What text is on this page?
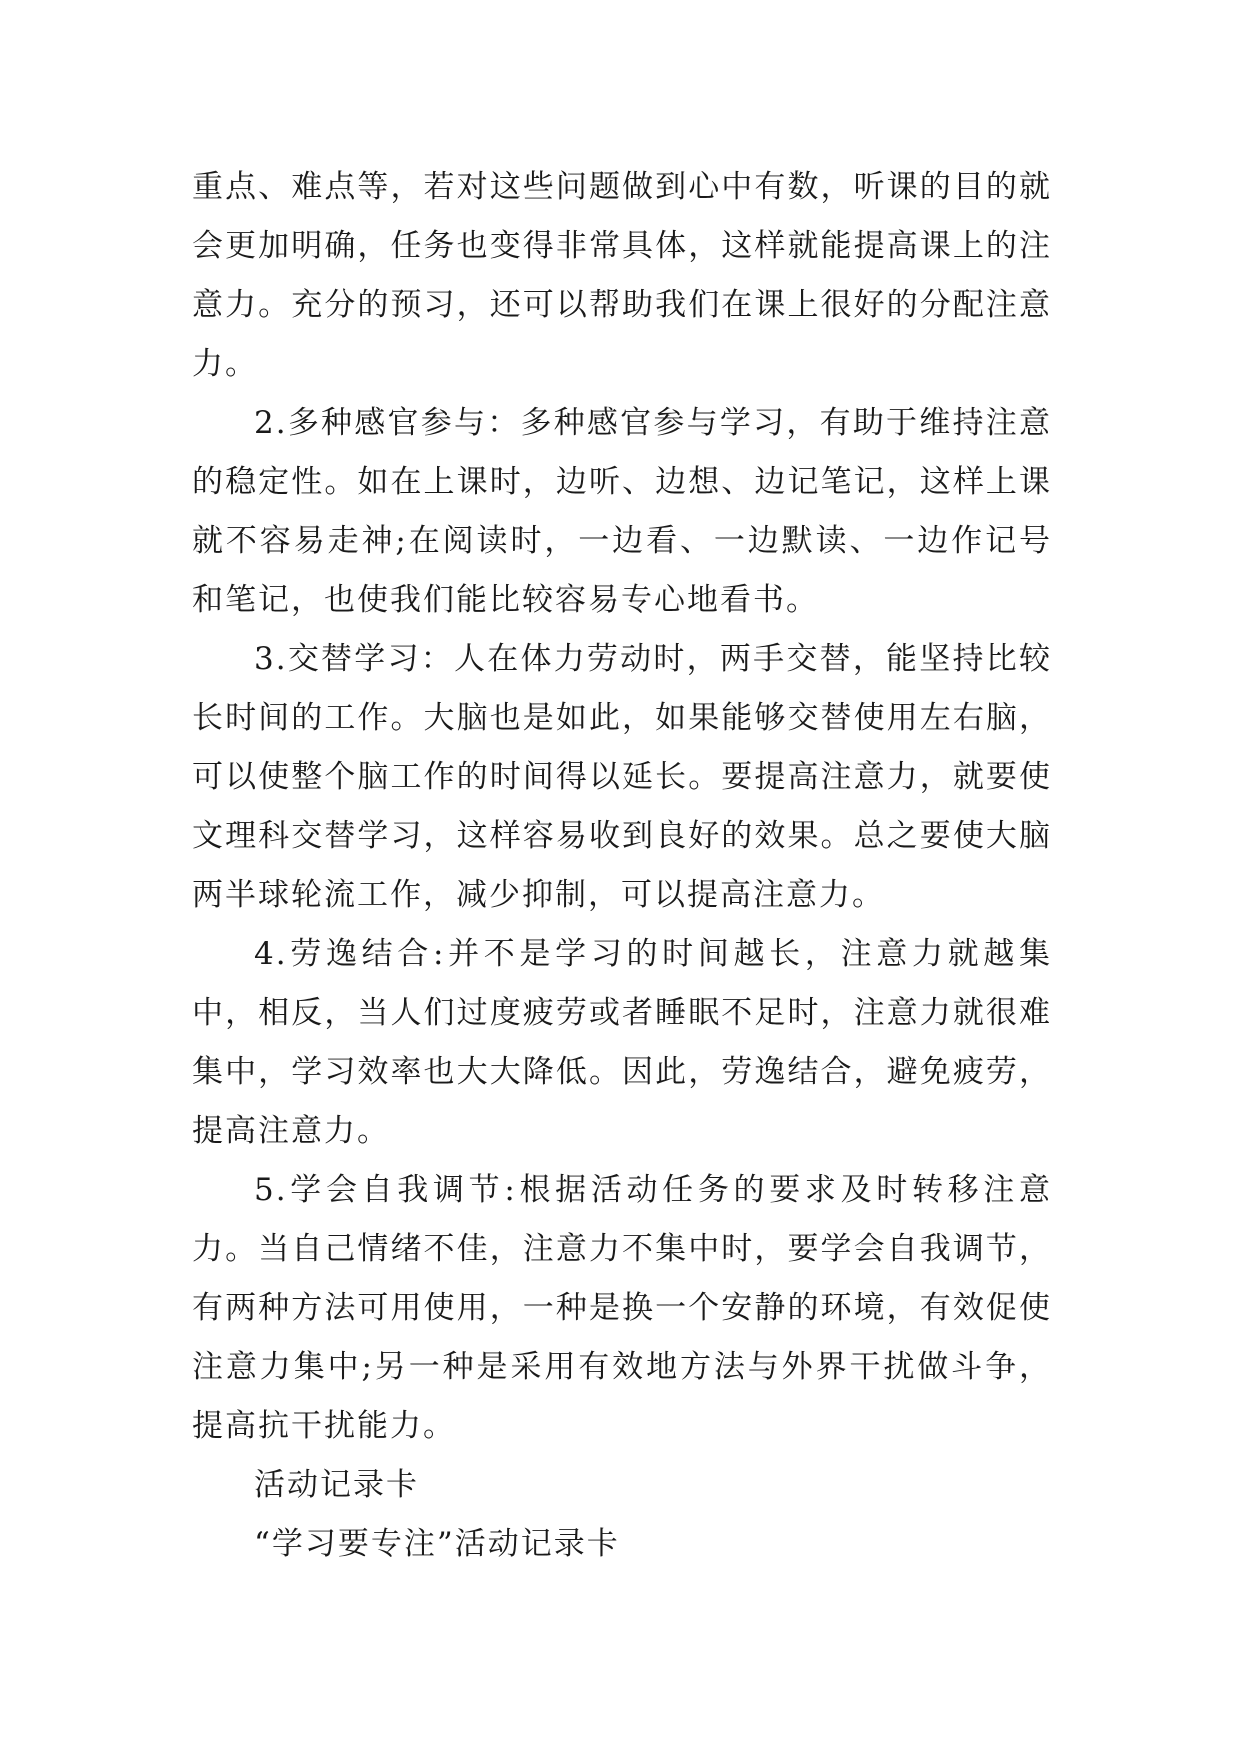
重点、难点等，若对这些问题做到心中有数，听课的目的就会更加明确，任务也变得非常具体，这样就能提高课上的注意力。充分的预习，还可以帮助我们在课上很好的分配注意力。

2.多种感官参与：多种感官参与学习，有助于维持注意的稳定性。如在上课时，边听、边想、边记笔记，这样上课就不容易走神;在阅读时，一边看、一边默读、一边作记号和笔记，也使我们能比较容易专心地看书。

3.交替学习：人在体力劳动时，两手交替，能坚持比较长时间的工作。大脑也是如此，如果能够交替使用左右脑，可以使整个脑工作的时间得以延长。要提高注意力，就要使文理科交替学习，这样容易收到良好的效果。总之要使大脑两半球轮流工作，减少抑制，可以提高注意力。

4.劳逸结合:并不是学习的时间越长，注意力就越集中，相反，当人们过度疲劳或者睡眠不足时，注意力就很难集中，学习效率也大大降低。因此，劳逸结合，避免疲劳，提高注意力。

5.学会自我调节:根据活动任务的要求及时转移注意力。当自己情绪不佳，注意力不集中时，要学会自我调节，有两种方法可用使用，一种是换一个安静的环境，有效促使注意力集中;另一种是采用有效地方法与外界干扰做斗争，提高抗干扰能力。

活动记录卡

“学习要专注”活动记录卡
